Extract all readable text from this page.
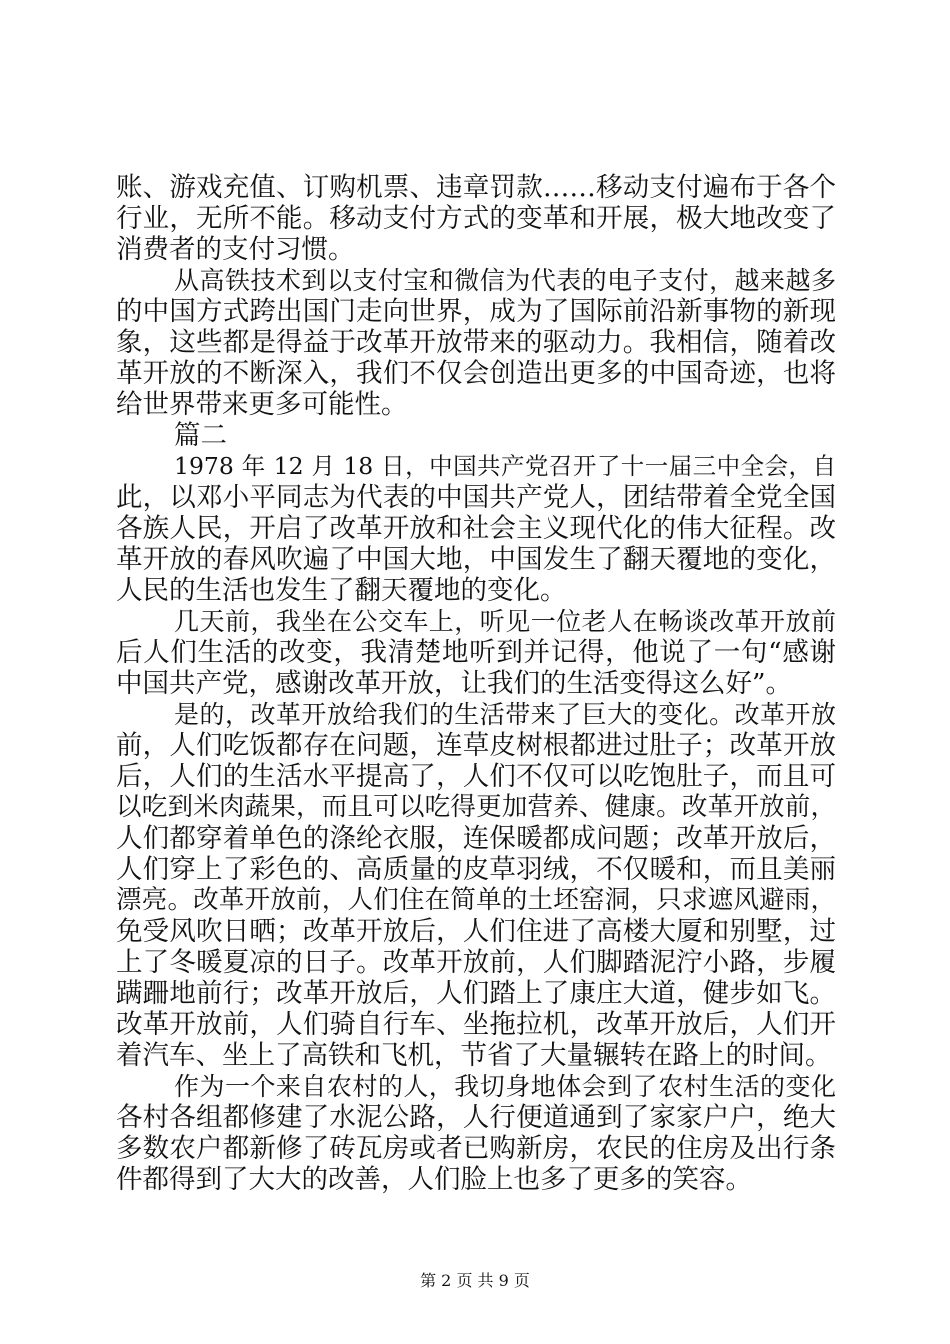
账、游戏充值、订购机票、违章罚款……移动支付遍布于各个
行业，无所不能。移动支付方式的变革和开展，极大地改变了
消费者的支付习惯。
从高铁技术到以支付宝和微信为代表的电子支付，越来越多
的中国方式跨出国门走向世界，成为了国际前沿新事物的新现
象，这些都是得益于改革开放带来的驱动力。我相信，随着改
革开放的不断深入，我们不仅会创造出更多的中国奇迹，也将
给世界带来更多可能性。
篇二
1978 年 12 月 18 日，中国共产党召开了十一届三中全会，自
此，以邓小平同志为代表的中国共产党人，团结带着全党全国
各族人民，开启了改革开放和社会主义现代化的伟大征程。改
革开放的春风吹遍了中国大地，中国发生了翻天覆地的变化，
人民的生活也发生了翻天覆地的变化。
几天前，我坐在公交车上，听见一位老人在畅谈改革开放前
后人们生活的改变，我清楚地听到并记得，他说了一句“感谢
中国共产党，感谢改革开放，让我们的生活变得这么好”。
是的，改革开放给我们的生活带来了巨大的变化。改革开放
前，人们吃饭都存在问题，连草皮树根都进过肚子；改革开放
后，人们的生活水平提高了，人们不仅可以吃饱肚子，而且可
以吃到米肉蔬果，而且可以吃得更加营养、健康。改革开放前，
人们都穿着单色的涤纶衣服，连保暖都成问题；改革开放后，
人们穿上了彩色的、高质量的皮草羽绒，不仅暖和，而且美丽
漂亮。改革开放前，人们住在简单的土坯窑洞，只求遮风避雨，
免受风吹日晒；改革开放后，人们住进了高楼大厦和别墅，过
上了冬暖夏凉的日子。改革开放前，人们脚踏泥泞小路，步履
蹒跚地前行；改革开放后，人们踏上了康庄大道，健步如飞。
改革开放前，人们骑自行车、坐拖拉机，改革开放后，人们开
着汽车、坐上了高铁和飞机，节省了大量辗转在路上的时间。
作为一个来自农村的人，我切身地体会到了农村生活的变化
各村各组都修建了水泥公路，人行便道通到了家家户户，绝大
多数农户都新修了砖瓦房或者已购新房，农民的住房及出行条
件都得到了大大的改善，人们脸上也多了更多的笑容。
第 2 页 共 9 页
